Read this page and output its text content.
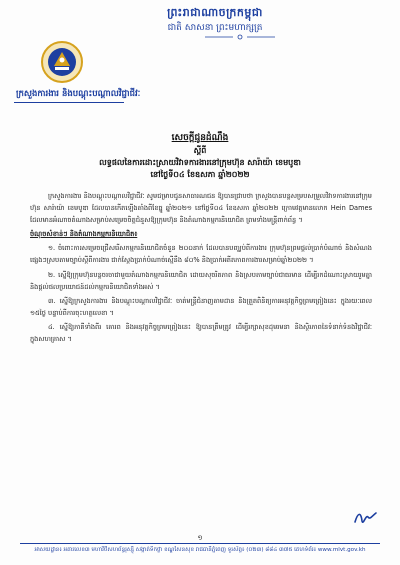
ព្រះរាជាណាចក្រកម្ពុជា
ជាតិ សាសនា ព្រះមហាក្សត្រ
ក្រសួងការងារ និងបណ្តុះបណ្តាលវិជ្ជាជីវៈ
សេចក្តីជូនដំណឹង
ស្តីពី
លទ្ធផលនៃការដោះស្រាយវិវាទការងារនៅក្រុមហ៊ុន សារ៉ាយ៉ា ខេមបូឌា
នៅថ្ងៃទី០៤ ខែឧសភា ឆ្នាំ២០២២

ក្រសួងការងារ និងបណ្តុះបណ្តាលវិជ្ជាជីវៈ សូមជម្រាបជូនសាធារណជន ឱ្យបានជ្រាបថា ក្រសួងបានបន្តសម្របសម្រួលវិវាទការងារនៅក្រុមហ៊ុន សារ៉ាយ៉ា ខេមបូឌា ដែលបានកើតឡើងតាំងពីខែធ្នូ ឆ្នាំ២០២១ នៅថ្ងៃទី០៤ ខែឧសភា ឆ្នាំ២០២២ ក្រោមវត្តមានលោក Hein Dames ដែលមានអំណាចតំណាងសម្រាប់សម្រេចចិត្តជំនួសឱ្យក្រុមហ៊ុន និងតំណាងកម្មករនិយោជិត ព្រមទាំងមន្ត្រីពាក់ព័ន្ធ ។

ចំណុចសំខាន់ៗ និងតំណាងកម្មករនិយោជិត៖

១. ចំពោះការសម្រេចជ្រើសរើសកម្មករនិយោជិតចំនួន ២០០នាក់ ដែលបានបញ្ឈប់ពីការងារ ក្រុមហ៊ុនព្រមផ្តល់ប្រាក់បំណាច់ និងសំណងផ្សេងៗស្របតាមច្បាប់ស្តីពីការងារ ជាក់ស្តែងប្រាក់បំណាច់ស្មើនឹង ៨០% និងប្រាក់អតីតភាពការងារសម្រាប់ឆ្នាំ២០២២ ។

២. ស្នើឱ្យក្រុមហ៊ុនបន្តចរចាជាមួយតំណាងកម្មករនិយោជិត ដោយសុចរិតភាព និងស្របតាមច្បាប់ជាធរមាន ដើម្បីរកដំណោះស្រាយរួមគ្នា និងផ្តល់ផលប្រយោជន៍ដល់កម្មករនិយោជិតទាំងអស់ ។

៣. ស្នើឱ្យក្រសួងការងារ និងបណ្តុះបណ្តាលវិជ្ជាជីវៈ ចាត់មន្ត្រីជំនាញតាមដាន និងត្រួតពិនិត្យការអនុវត្តកិច្ចព្រមព្រៀងនេះ ក្នុងរយៈពេល ១៥ថ្ងៃ បន្ទាប់ពីការចុះហត្ថលេខា ។

៤. ស្នើឱ្យភាគីទាំងពីរ គោរព និងអនុវត្តកិច្ចព្រមព្រៀងនេះ ឱ្យបានត្រឹមត្រូវ ដើម្បីរក្សាសុខដុមរមនា និងស្ថិរភាពនៃទំនាក់ទំនងវិជ្ជាជីវៈ ក្នុងសហគ្រាស ។

១
អាសយដ្ឋាន៖ អគារលេខ៣ មហាវិថីសហព័ន្ធរុស្ស៊ី សង្កាត់ទឹកថ្លា ខណ្ឌសែនសុខ រាជធានីភ្នំពេញ ទូរស័ព្ទ៖ (០២៣) ៨៨៤ ៣៧៥ គេហទំព័រ៖ www.mlvt.gov.kh
